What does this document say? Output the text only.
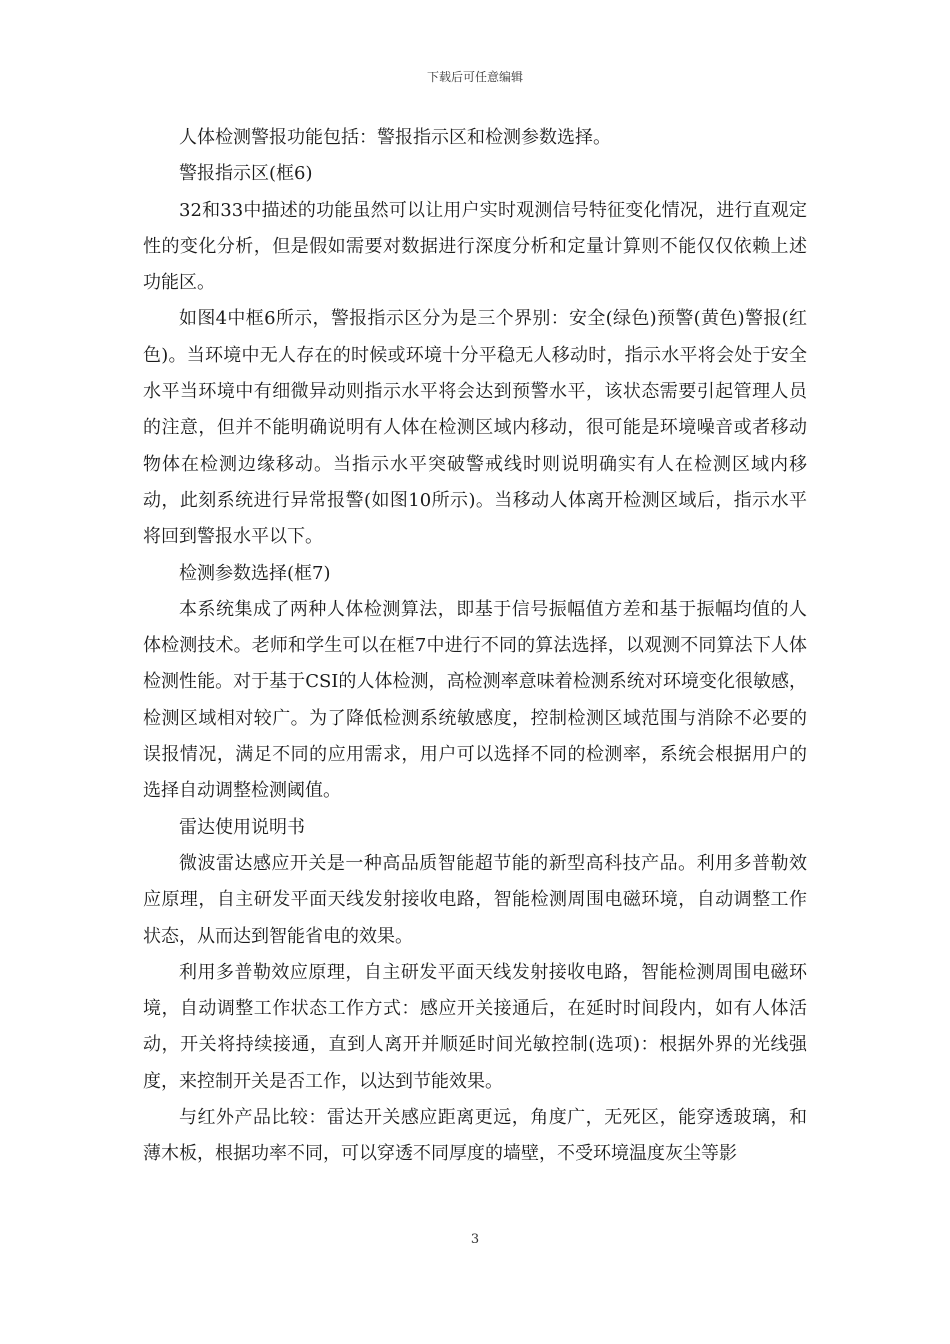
下载后可任意编辑

人体检测警报功能包括：警报指示区和检测参数选择。

警报指示区(框6)

32和33中描述的功能虽然可以让用户实时观测信号特征变化情况，进行直观定性的变化分析，但是假如需要对数据进行深度分析和定量计算则不能仅仅依赖上述功能区。

如图4中框6所示，警报指示区分为是三个界别：安全(绿色)预警(黄色)警报(红色)。当环境中无人存在的时候或环境十分平稳无人移动时，指示水平将会处于安全水平当环境中有细微异动则指示水平将会达到预警水平，该状态需要引起管理人员的注意，但并不能明确说明有人体在检测区域内移动，很可能是环境噪音或者移动物体在检测边缘移动。当指示水平突破警戒线时则说明确实有人在检测区域内移动，此刻系统进行异常报警(如图10所示)。当移动人体离开检测区域后，指示水平将回到警报水平以下。

检测参数选择(框7)

本系统集成了两种人体检测算法，即基于信号振幅值方差和基于振幅均值的人体检测技术。老师和学生可以在框7中进行不同的算法选择，以观测不同算法下人体检测性能。对于基于CSI的人体检测，高检测率意味着检测系统对环境变化很敏感，检测区域相对较广。为了降低检测系统敏感度，控制检测区域范围与消除不必要的误报情况，满足不同的应用需求，用户可以选择不同的检测率，系统会根据用户的选择自动调整检测阈值。

雷达使用说明书

微波雷达感应开关是一种高品质智能超节能的新型高科技产品。利用多普勒效应原理，自主研发平面天线发射接收电路，智能检测周围电磁环境，自动调整工作状态，从而达到智能省电的效果。

利用多普勒效应原理，自主研发平面天线发射接收电路，智能检测周围电磁环境，自动调整工作状态工作方式：感应开关接通后，在延时时间段内，如有人体活动，开关将持续接通，直到人离开并顺延时间光敏控制(选项)：根据外界的光线强度，来控制开关是否工作，以达到节能效果。

与红外产品比较：雷达开关感应距离更远，角度广，无死区，能穿透玻璃，和薄木板，根据功率不同，可以穿透不同厚度的墙壁，不受环境温度灰尘等影

3
